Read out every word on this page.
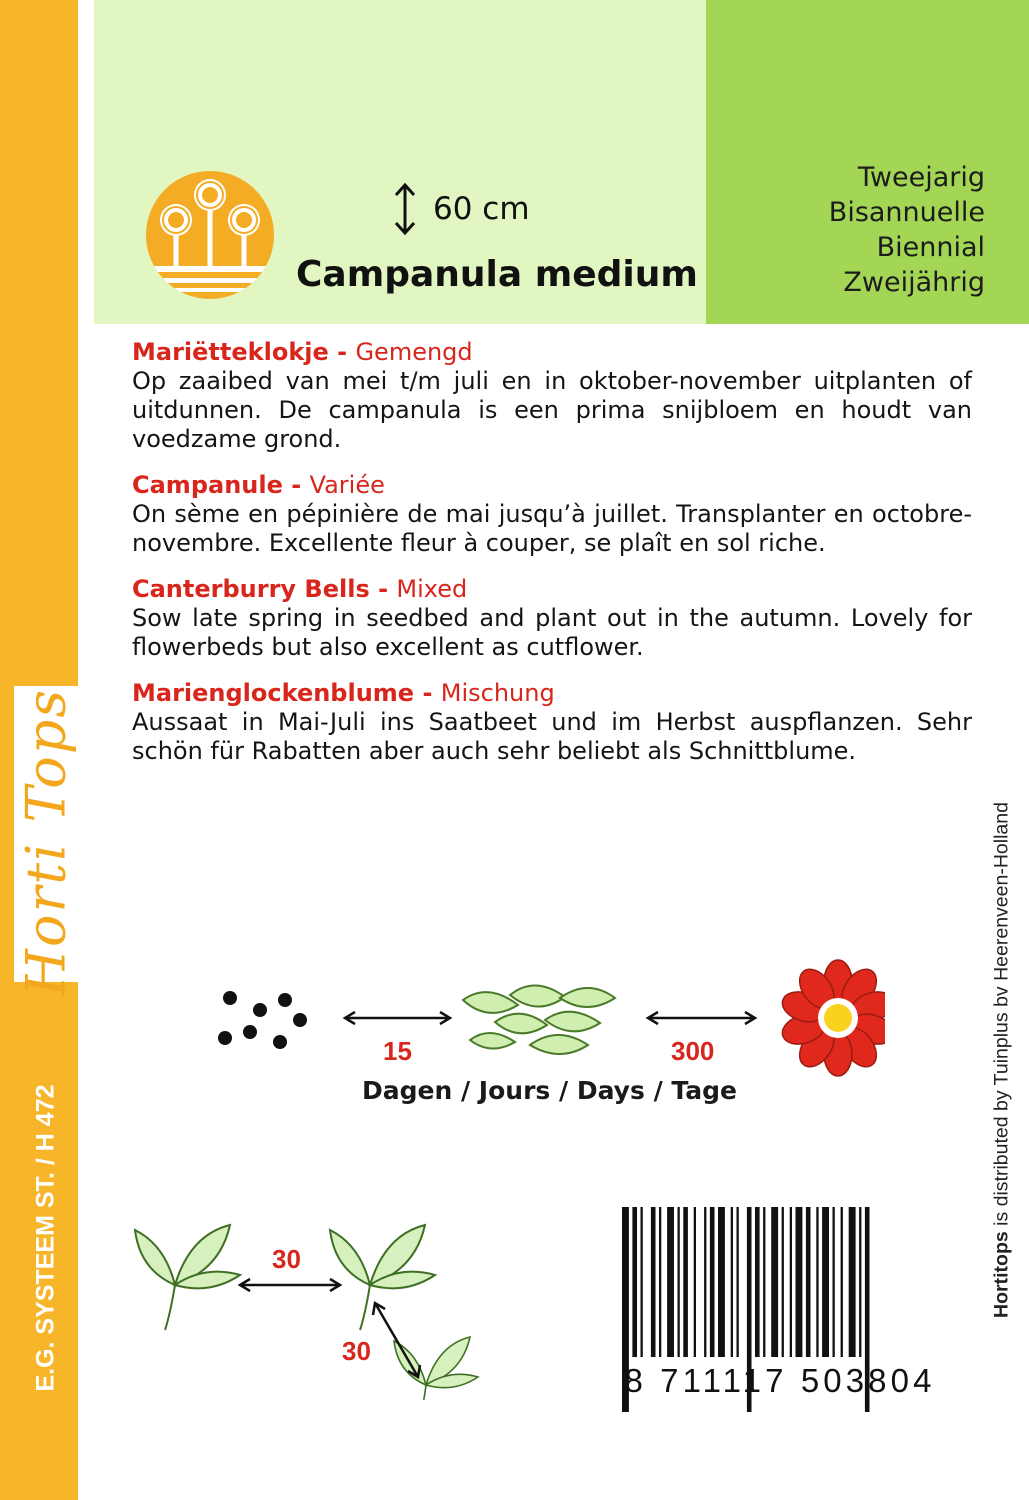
Horti Tops
E.G. SYSTEEM ST. / H 472
Tweejarig
Bisannuelle
Biennial
Zweijährig
60 cm
Campanula medium
Mariëtteklokje - Gemengd
Op zaaibed van mei t/m juli en in oktober-november uitplanten of uitdunnen. De campanula is een prima snijbloem en houdt van voedzame grond.
Campanule - Variée
On sème en pépinière de mai jusqu’à juillet. Transplanter en octobre-novembre. Excellente fleur à couper, se plaît en sol riche.
Canterburry Bells - Mixed
Sow late spring in seedbed and plant out in the autumn. Lovely for flowerbeds but also excellent as cutflower.
Marienglockenblume - Mischung
Aussaat in Mai-Juli ins Saatbeet und im Herbst auspflanzen. Sehr schön für Rabatten aber auch sehr beliebt als Schnittblume.
15	300
Dagen / Jours / Days / Tage
30
30
8 711117 503804
Hortitops is distributed by Tuinplus bv Heerenveen-Holland
